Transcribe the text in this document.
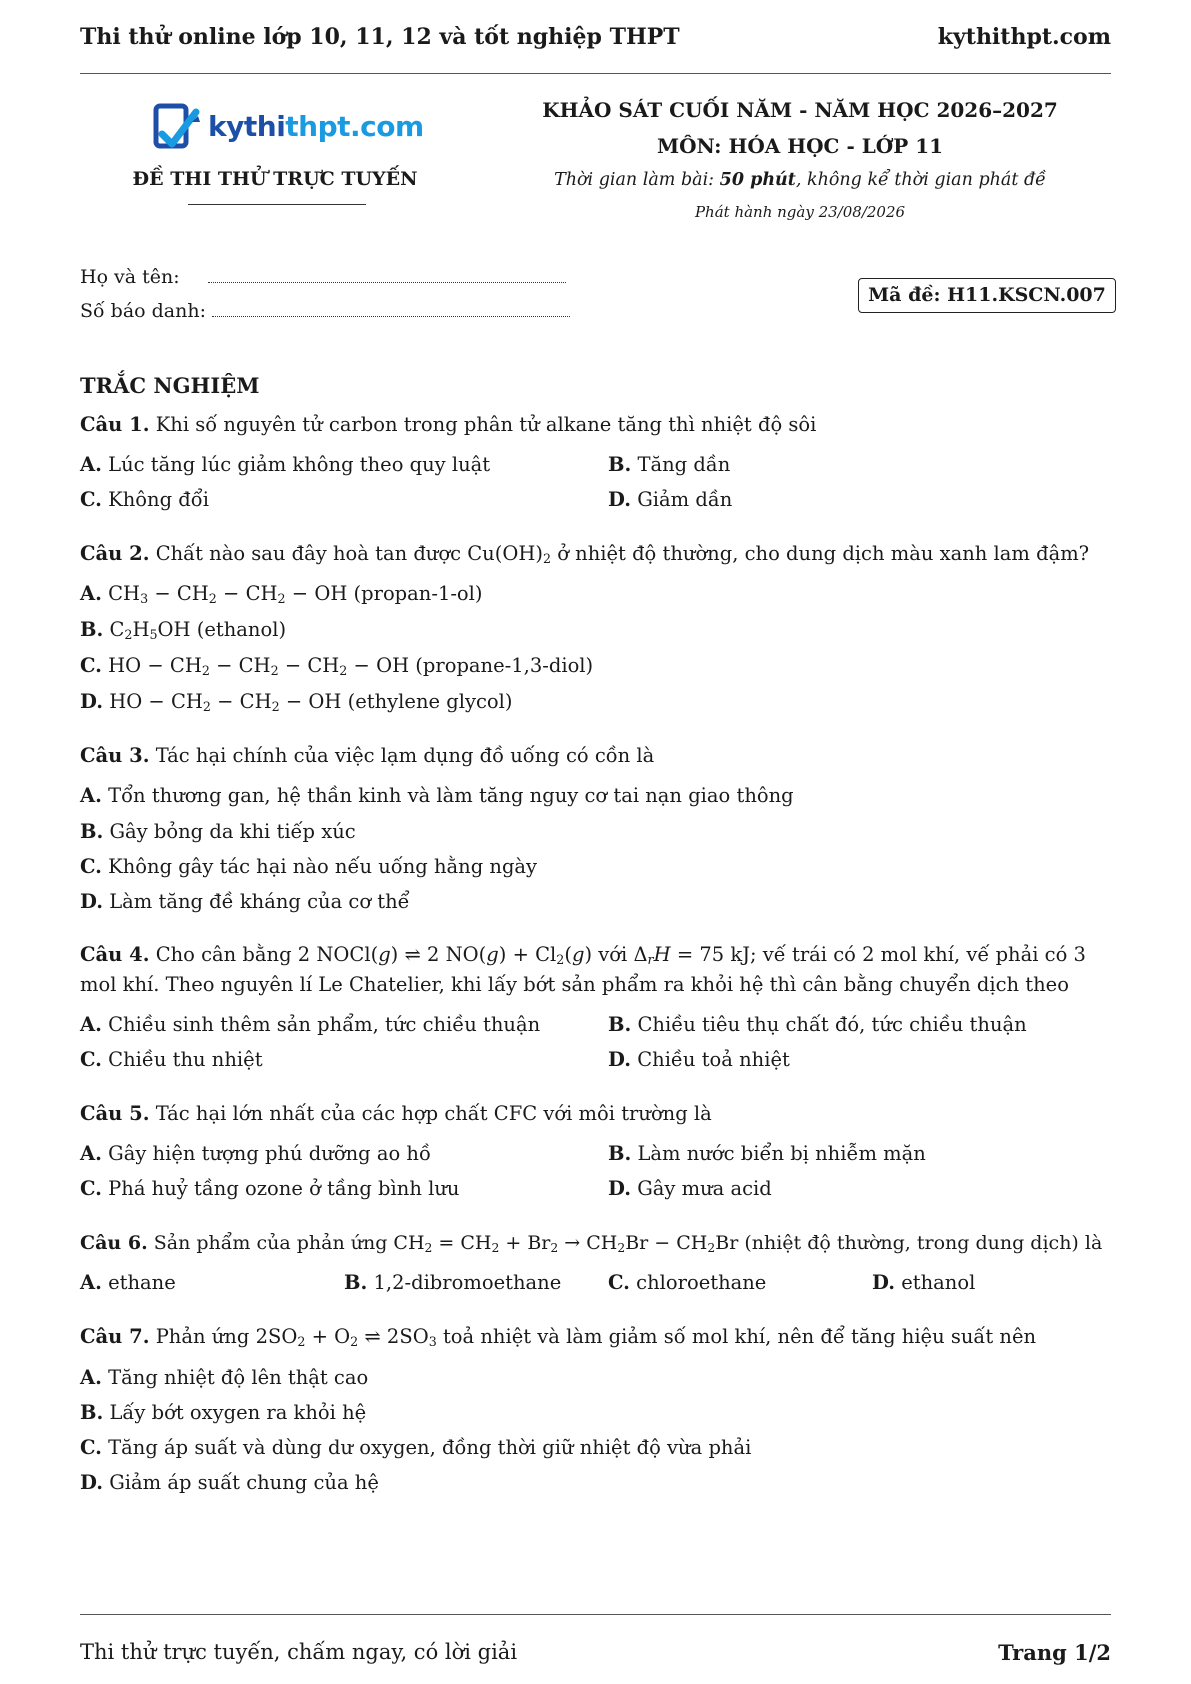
Thi thử online lớp 10, 11, 12 và tốt nghiệp THPT	kythithpt.com
kythithpt.com
ĐỀ THI THỬ TRỰC TUYẾN
KHẢO SÁT CUỐI NĂM - NĂM HỌC 2026–2027
MÔN: HÓA HỌC - LỚP 11
Thời gian làm bài: 50 phút, không kể thời gian phát đề
Phát hành ngày 23/08/2026
Họ và tên:
Số báo danh:
Mã đề: H11.KSCN.007
TRẮC NGHIỆM
Câu 1. Khi số nguyên tử carbon trong phân tử alkane tăng thì nhiệt độ sôi
A. Lúc tăng lúc giảm không theo quy luật	B. Tăng dần
C. Không đổi	D. Giảm dần
Câu 2. Chất nào sau đây hoà tan được $Cu(OH)_2$ ở nhiệt độ thường, cho dung dịch màu xanh lam đậm?
A. $CH_3 - CH_2 - CH_2$ − OH (propan-1-ol)
B. $C_2H_5OH$ (ethanol)
C. HO − $CH_2 - CH_2 - CH_2$ − OH (propane-1,3-diol)
D. HO − $CH_2 - CH_2$ − OH (ethylene glycol)
Câu 3. Tác hại chính của việc lạm dụng đồ uống có cồn là
A. Tổn thương gan, hệ thần kinh và làm tăng nguy cơ tai nạn giao thông
B. Gây bỏng da khi tiếp xúc
C. Không gây tác hại nào nếu uống hằng ngày
D. Làm tăng đề kháng của cơ thể
Câu 4. Cho cân bằng 2 NOCl(g) ⇌ 2 $NO(g) + Cl_2(g)$ với $\Delta_rH = 75$ kJ; vế trái có 2 mol khí, vế phải có 3
mol khí. Theo nguyên lí Le Chatelier, khi lấy bớt sản phẩm ra khỏi hệ thì cân bằng chuyển dịch theo
A. Chiều sinh thêm sản phẩm, tức chiều thuận	B. Chiều tiêu thụ chất đó, tức chiều thuận
C. Chiều thu nhiệt	D. Chiều toả nhiệt
Câu 5. Tác hại lớn nhất của các hợp chất CFC với môi trường là
A. Gây hiện tượng phú dưỡng ao hồ	B. Làm nước biển bị nhiễm mặn
C. Phá huỷ tầng ozone ở tầng bình lưu	D. Gây mưa acid
Câu 6. Sản phẩm của phản ứng $CH_2 = CH_2 + Br_2 \to CH_2Br - CH_2Br$ (nhiệt độ thường, trong dung dịch) là
A. ethane	B. 1,2-dibromoethane C. chloroethane	D. ethanol
Câu 7. Phản ứng $2SO_2 + O_2$ ⇌ $2SO_3$ toả nhiệt và làm giảm số mol khí, nên để tăng hiệu suất nên
A. Tăng nhiệt độ lên thật cao
B. Lấy bớt oxygen ra khỏi hệ
C. Tăng áp suất và dùng dư oxygen, đồng thời giữ nhiệt độ vừa phải
D. Giảm áp suất chung của hệ
Thi thử trực tuyến, chấm ngay, có lời giải	Trang 1/2
